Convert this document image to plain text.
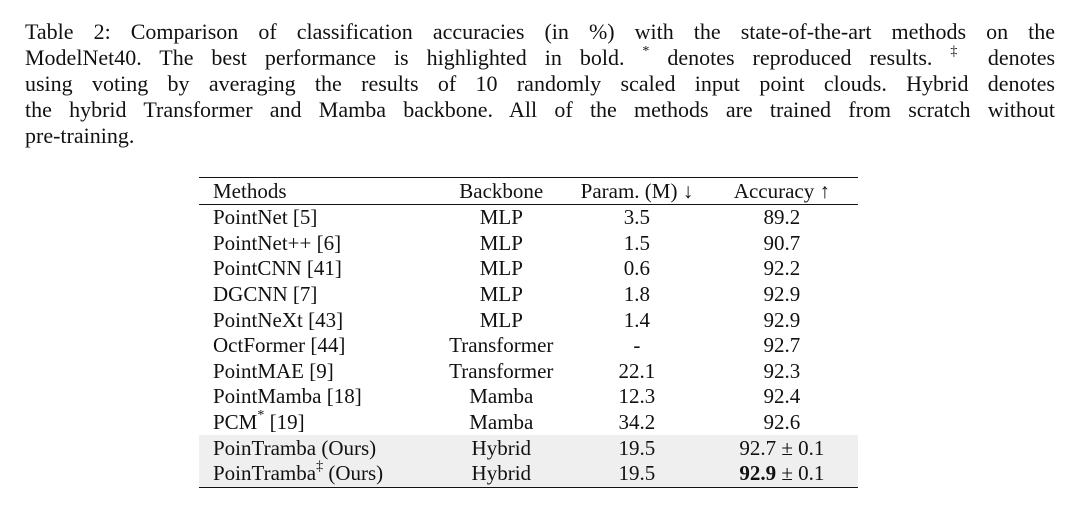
Table 2: Comparison of classification accuracies (in %) with the state-of-the-art methods on the
ModelNet40. The best performance is highlighted in bold. * denotes reproduced results. ‡ denotes
using voting by averaging the results of 10 randomly scaled input point clouds. Hybrid denotes
the hybrid Transformer and Mamba backbone. All of the methods are trained from scratch without
pre-training.
Methods	Backbone	Param. (M) ↓	Accuracy ↑
PointNet [5]	MLP	3.5	89.2
PointNet++ [6]	MLP	1.5	90.7
PointCNN [41]	MLP	0.6	92.2
DGCNN [7]	MLP	1.8	92.9
PointNeXt [43]	MLP	1.4	92.9
OctFormer [44]	Transformer	-	92.7
PointMAE [9]	Transformer	22.1	92.3
PointMamba [18]	Mamba	12.3	92.4
PCM* [19]	Mamba	34.2	92.6
PoinTramba (Ours)	Hybrid	19.5	92.7 ± 0.1
PoinTramba‡ (Ours)	Hybrid	19.5	92.9 ± 0.1
